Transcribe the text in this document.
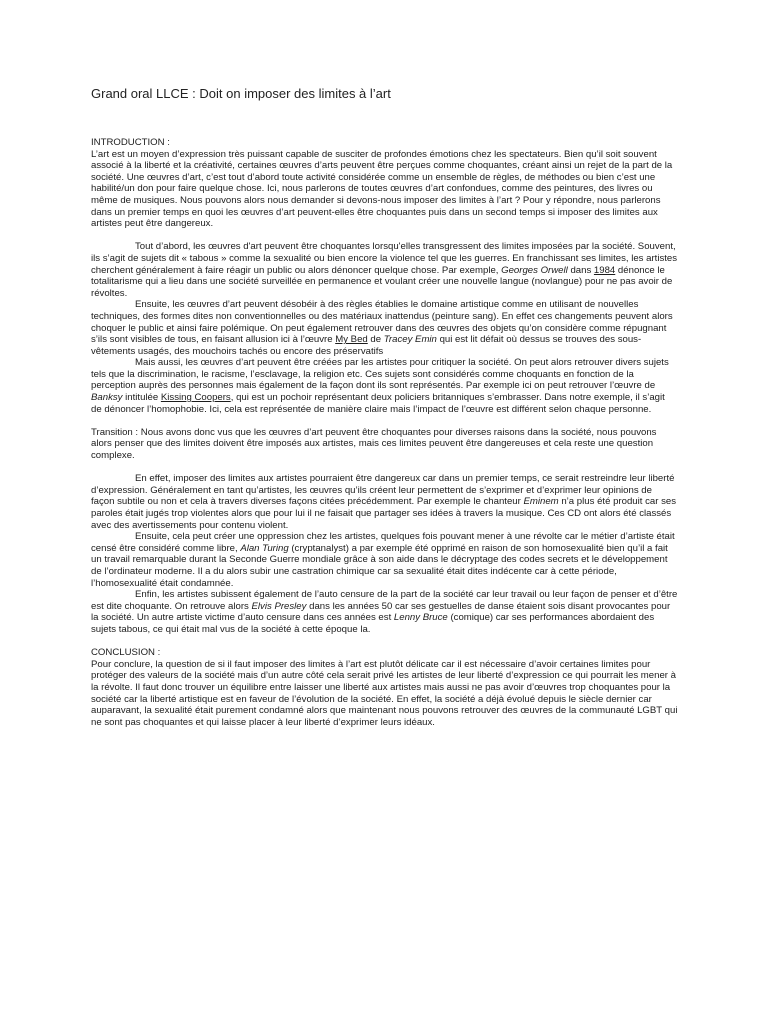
Grand oral LLCE : Doit on imposer des limites à l’art

INTRODUCTION :

L’art est un moyen d’expression très puissant capable de susciter de profondes émotions chez les spectateurs. Bien qu’il soit souvent associé à la liberté et la créativité, certaines œuvres d’arts peuvent être perçues comme choquantes, créant ainsi un rejet de la part de la société. Une œuvres d’art, c’est tout d’abord toute activité considérée comme un ensemble de règles, de méthodes ou bien c’est une habilité/un don pour faire quelque chose. Ici, nous parlerons de toutes œuvres d’art confondues, comme des peintures, des livres ou même de musiques. Nous pouvons alors nous demander si devons-nous imposer des limites à l’art ? Pour y répondre, nous parlerons dans un premier temps en quoi les œuvres d’art peuvent-elles être choquantes puis dans un second temps si imposer des limites aux artistes peut être dangereux.

Tout d’abord, les œuvres d'art peuvent être choquantes lorsqu'elles transgressent des limites imposées par la société. Souvent, ils s’agit de sujets dit « tabous » comme la sexualité ou bien encore la violence tel que les guerres. En franchissant ses limites, les artistes cherchent généralement à faire réagir un public ou alors dénoncer quelque chose. Par exemple, Georges Orwell dans 1984 dénonce le totalitarisme qui a lieu dans une société surveillée en permanence et voulant créer une nouvelle langue (novlangue) pour ne pas avoir de révoltes.

Ensuite, les œuvres d’art peuvent désobéir à des règles établies le domaine artistique comme en utilisant de nouvelles techniques, des formes dites non conventionnelles ou des matériaux inattendus (peinture sang). En effet ces changements peuvent alors choquer le public et ainsi faire polémique. On peut également retrouver dans des œuvres des objets qu’on considère comme répugnant s’ils sont visibles de tous, en faisant allusion ici à l’œuvre My Bed de Tracey Emin qui est lit défait où dessus se trouves des sous-vêtements usagés, des mouchoirs tachés ou encore des préservatifs

Mais aussi, les œuvres d’art peuvent être créées par les artistes pour critiquer la société. On peut alors retrouver divers sujets tels que la discrimination, le racisme, l’esclavage, la religion etc. Ces sujets sont considérés comme choquants en fonction de la perception auprès des personnes mais également de la façon dont ils sont représentés. Par exemple ici on peut retrouver l’œuvre de Banksy intitulée Kissing Coopers, qui est un pochoir représentant deux policiers britanniques s’embrasser. Dans notre exemple, il s’agit de dénoncer l’homophobie. Ici, cela est représentée de manière claire mais l’impact de l’œuvre est différent selon chaque personne.

Transition : Nous avons donc vus que les œuvres d’art peuvent être choquantes pour diverses raisons dans la société, nous pouvons alors penser que des limites doivent être imposés aux artistes, mais ces limites peuvent être dangereuses et cela reste une question complexe.

En effet, imposer des limites aux artistes pourraient être dangereux car dans un premier temps, ce serait restreindre leur liberté d’expression. Généralement en tant qu’artistes, les œuvres qu’ils créent leur permettent de s’exprimer et d’exprimer leur opinions de façon subtile ou non et cela à travers diverses façons citées précédemment. Par exemple le chanteur Eminem n’a plus été produit car ses paroles était jugés trop violentes alors que pour lui il ne faisait que partager ses idées à travers la musique. Ces CD ont alors été classés avec des avertissements pour contenu violent.

Ensuite, cela peut créer une oppression chez les artistes, quelques fois pouvant mener à une révolte car le métier d’artiste était censé être considéré comme libre, Alan Turing (cryptanalyst) a par exemple été opprimé en raison de son homosexualité bien qu’il a fait un travail remarquable durant la Seconde Guerre mondiale grâce à son aide dans le décryptage des codes secrets et le développement de l’ordinateur moderne. Il a du alors subir une castration chimique car sa sexualité était dites indécente car à cette période, l’homosexualité était condamnée.

Enfin, les artistes subissent également de l’auto censure de la part de la société car leur travail ou leur façon de penser et d’être est dite choquante. On retrouve alors Elvis Presley dans les années 50 car ses gestuelles de danse étaient sois disant provocantes pour la société. Un autre artiste victime d’auto censure dans ces années est Lenny Bruce (comique) car ses performances abordaient des sujets tabous, ce qui était mal vus de la société à cette époque la.

CONCLUSION :

Pour conclure, la question de si il faut imposer des limites à l’art est plutôt délicate car il est nécessaire d’avoir certaines limites pour protéger des valeurs de la société mais d’un autre côté cela serait privé les artistes de leur liberté d’expression ce qui pourrait les mener à la révolte. Il faut donc trouver un équilibre entre laisser une liberté aux artistes mais aussi ne pas avoir d’œuvres trop choquantes pour la société car la liberté artistique est en faveur de l’évolution de la société. En effet, la société a déjà évolué depuis le siècle dernier car auparavant, la sexualité était purement condamné alors que maintenant nous pouvons retrouver des œuvres de la communauté LGBT qui ne sont pas choquantes et qui laisse placer à leur liberté d’exprimer leurs idéaux.
